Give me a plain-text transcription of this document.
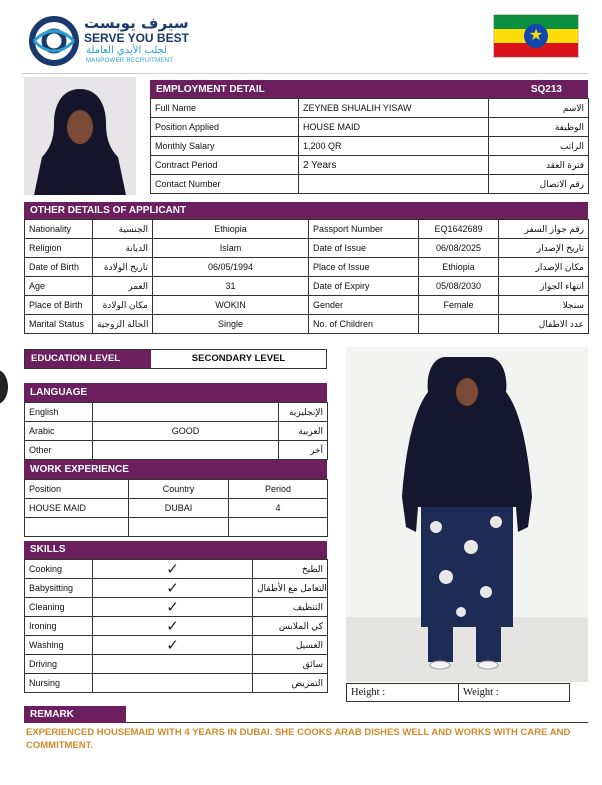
سيرف يوبست
SERVE YOU BEST
لجلب الأيدي العاملة
MANPOWER RECRUITMENT
★
EMPLOYMENT DETAIL	SQ213
Full Name	ZEYNEB SHUALIH YISAW	الاسم
Position Applied	HOUSE MAID	الوظيفة
Monthly Salary	1,200 QR	الراتب
Contract Period	2 Years	فترة العقد
Contact Number		رقم الاتصال
OTHER DETAILS OF APPLICANT
Nationality	الجنسية	Ethiopia	Passport Number	EQ1642689	رقم جواز السفر
Religion	الديانة	Islam	Date of Issue	06/08/2025	تاريخ الإصدار
Date of Birth	تاريخ الولادة	06/05/1994	Place of Issue	Ethiopia	مكان الإصدار
Age	العمر	31	Date of Expiry	05/08/2030	انتهاء الجواز
Place of Birth	مكان الولادة	WOKIN	Gender	Female	سنجلا
Marital Status	الحالة الزوجية	Single	No. of Children		عدد الاطفال
EDUCATION LEVEL	SECONDARY LEVEL
LANGUAGE
English		الإنجليزية
Arabic	GOOD	العربية
Other		آخر
WORK EXPERIENCE
Position	Country	Period
HOUSE MAID	DUBAI	4

SKILLS
Cooking	✓	الطبخ
Babysitting	✓	التعامل مع الأطفال
Cleaning	✓	التنظيف
Ironing	✓	كي الملابس
Washing	✓	الغسيل
Driving		سائق
Nursing		التمريض
Height :	Weight :
REMARK
EXPERIENCED HOUSEMAID WITH 4 YEARS IN DUBAI. SHE COOKS ARAB DISHES WELL AND WORKS WITH CARE AND COMMITMENT.
